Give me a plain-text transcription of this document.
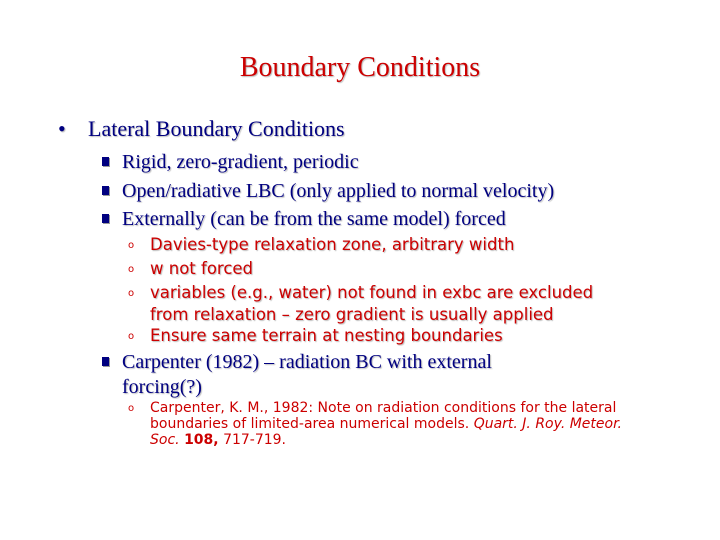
Boundary Conditions
• Lateral Boundary Conditions
Rigid, zero-gradient, periodic
Open/radiative LBC (only applied to normal velocity)
Externally (can be from the same model) forced
o Davies-type relaxation zone, arbitrary width
o w not forced
o variables (e.g., water) not found in exbc are excluded
from relaxation – zero gradient is usually applied
o Ensure same terrain at nesting boundaries
Carpenter (1982) – radiation BC with external
forcing(?)
o Carpenter, K. M., 1982: Note on radiation conditions for the lateral boundaries of limited-area numerical models. Quart. J. Roy. Meteor. Soc. 108, 717-719.
